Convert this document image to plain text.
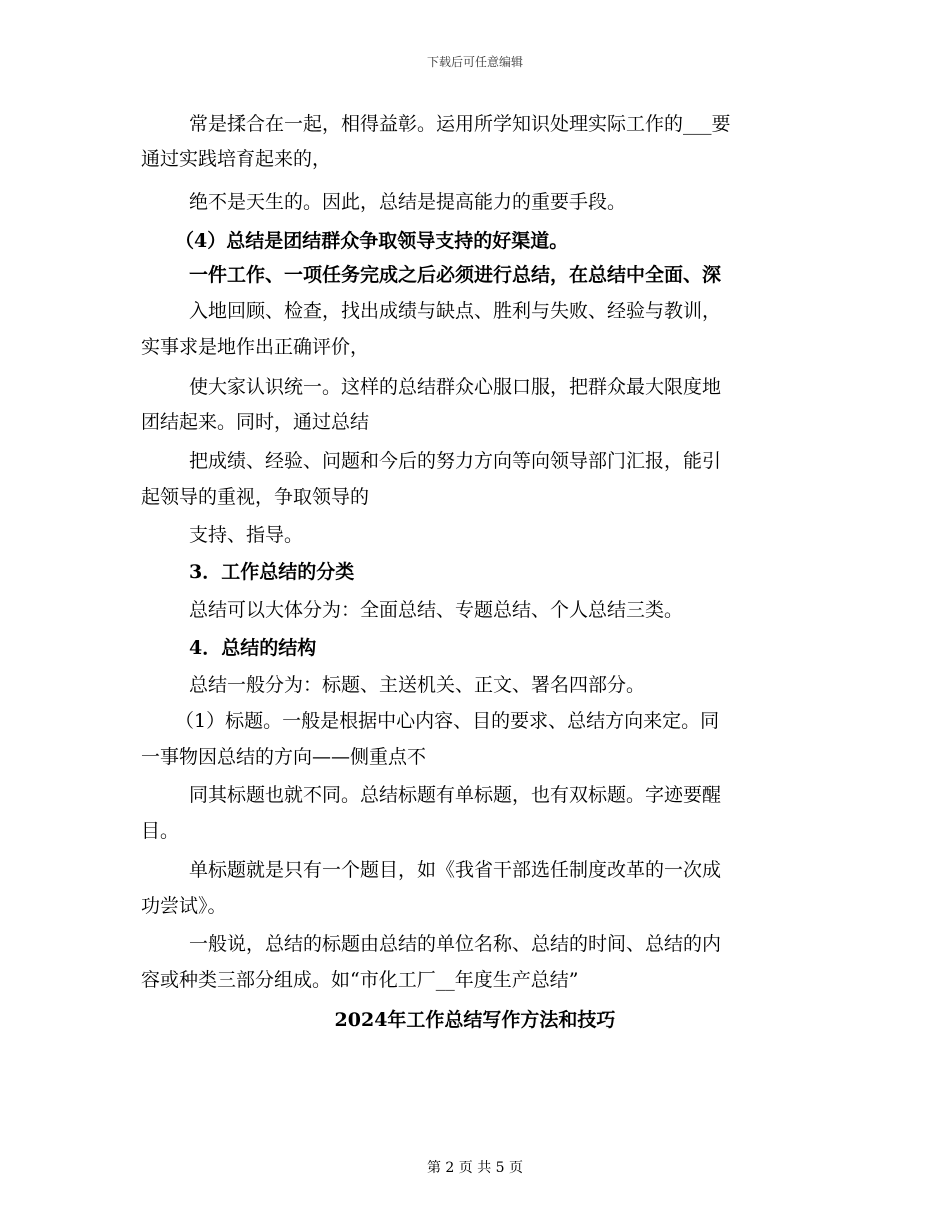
下载后可任意编辑
常是揉合在一起，相得益彰。运用所学知识处理实际工作的___要
通过实践培育起来的，
绝不是天生的。因此，总结是提高能力的重要手段。
（4）总结是团结群众争取领导支持的好渠道。
一件工作、一项任务完成之后必须进行总结，在总结中全面、深
入地回顾、检查，找出成绩与缺点、胜利与失败、经验与教训，
实事求是地作出正确评价，
使大家认识统一。这样的总结群众心服口服，把群众最大限度地
团结起来。同时，通过总结
把成绩、经验、问题和今后的努力方向等向领导部门汇报，能引
起领导的重视，争取领导的
支持、指导。
3．工作总结的分类
总结可以大体分为：全面总结、专题总结、个人总结三类。
4．总结的结构
总结一般分为：标题、主送机关、正文、署名四部分。
（1）标题。一般是根据中心内容、目的要求、总结方向来定。同
一事物因总结的方向——侧重点不
同其标题也就不同。总结标题有单标题，也有双标题。字迹要醒
目。
单标题就是只有一个题目，如《我省干部选任制度改革的一次成
功尝试》。
一般说，总结的标题由总结的单位名称、总结的时间、总结的内
容或种类三部分组成。如“市化工厂__年度生产总结”
2024年工作总结写作方法和技巧
第 2 页 共 5 页
